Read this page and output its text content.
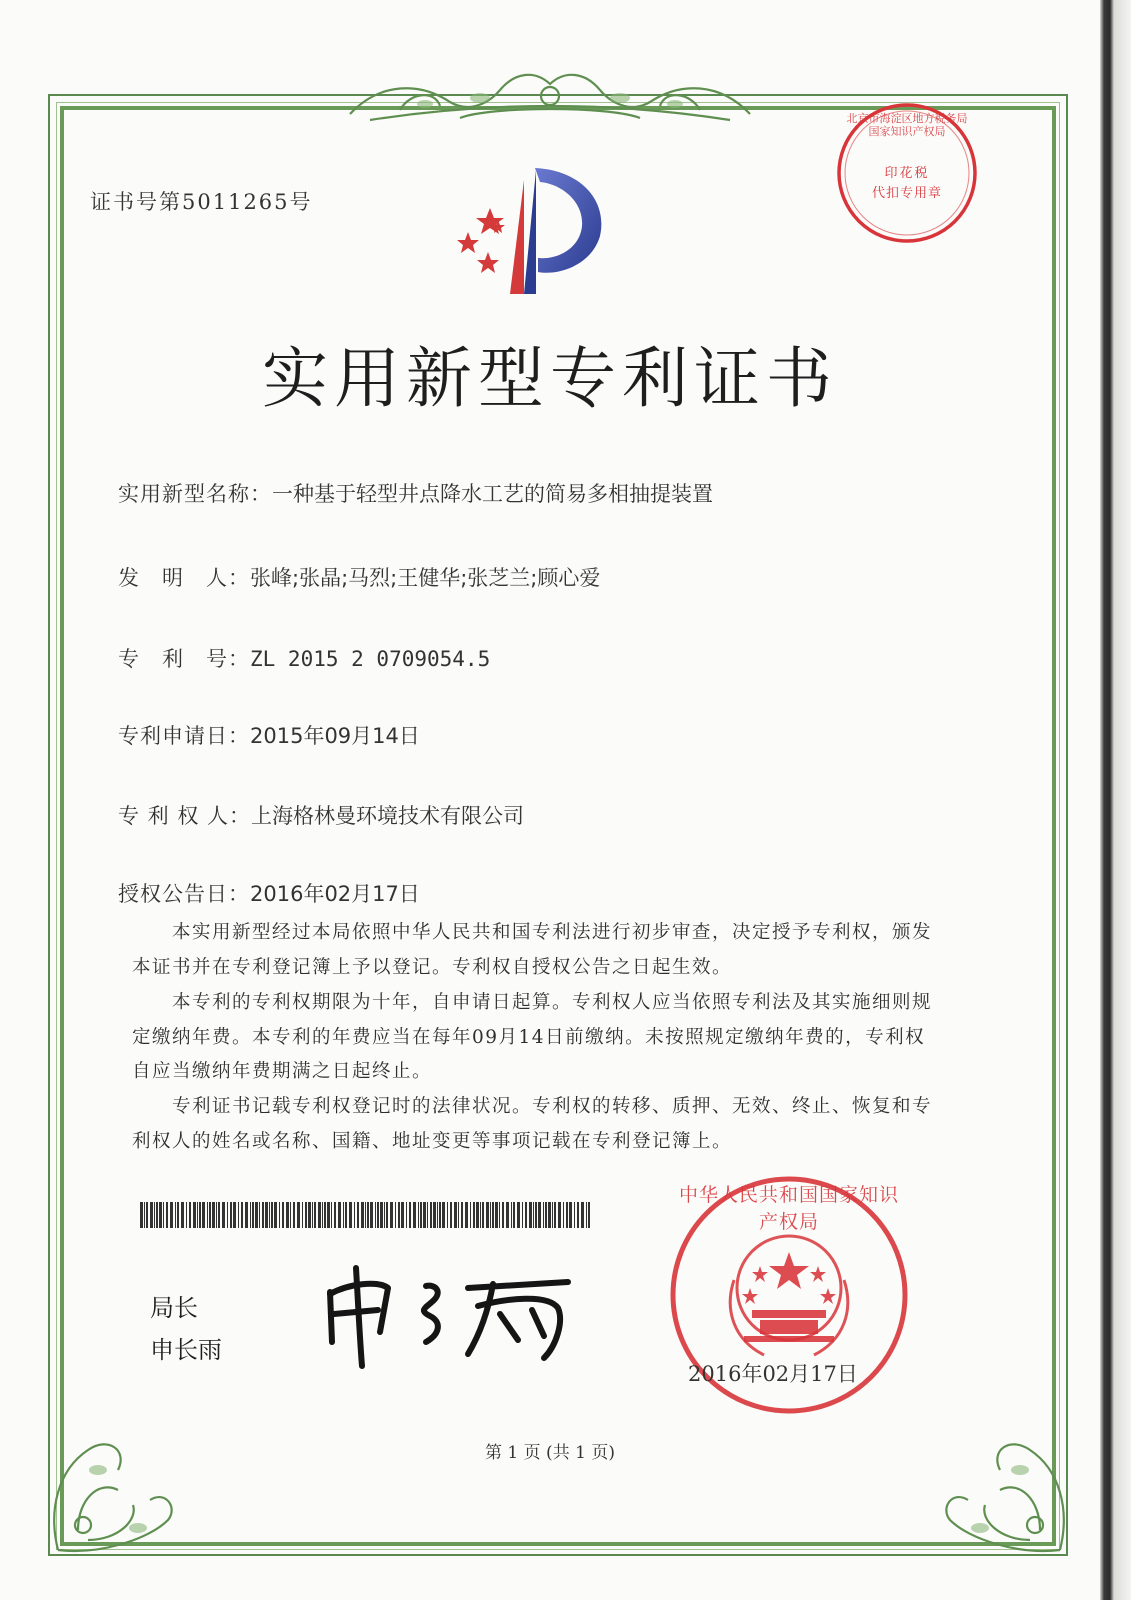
证书号第5011265号
北京市海淀区地方税务局 国家知识产权局
印花税
代扣专用章
实用新型专利证书
实用新型名称：一种基于轻型井点降水工艺的简易多相抽提装置
发　明　人：张峰;张晶;马烈;王健华;张芝兰;顾心爱
专　利　号：ZL 2015 2 0709054.5
专利申请日：2015年09月14日
专 利 权 人：上海格林曼环境技术有限公司
授权公告日：2016年02月17日
本实用新型经过本局依照中华人民共和国专利法进行初步审查，决定授予专利权，颁发本证书并在专利登记簿上予以登记。专利权自授权公告之日起生效。
本专利的专利权期限为十年，自申请日起算。专利权人应当依照专利法及其实施细则规定缴纳年费。本专利的年费应当在每年09月14日前缴纳。未按照规定缴纳年费的，专利权自应当缴纳年费期满之日起终止。
专利证书记载专利权登记时的法律状况。专利权的转移、质押、无效、终止、恢复和专利权人的姓名或名称、国籍、地址变更等事项记载在专利登记簿上。
局长
申长雨
中华人民共和国国家知识产权局
2016年02月17日
第 1 页 (共 1 页)
